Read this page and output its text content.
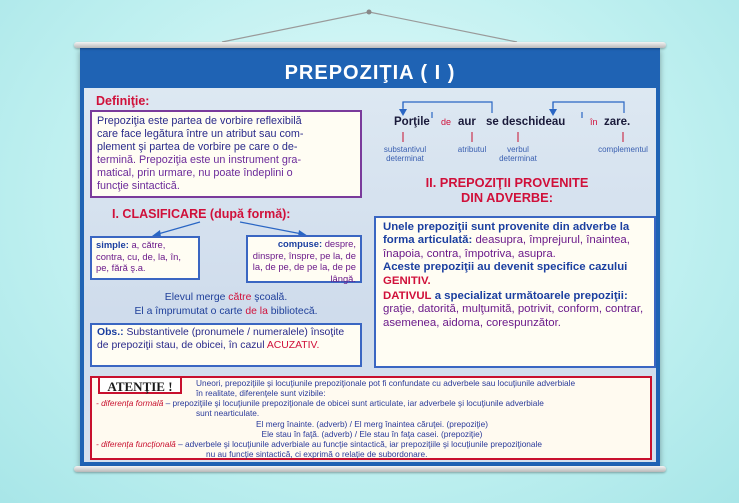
PREPOZIŢIA ( I )
Definiţie:
Prepoziţia este partea de vorbire reflexibilă
care face legătura între un atribut sau com-
plement şi partea de vorbire pe care o de-
termină. Prepoziţia este un instrument gra-
matical, prin urmare, nu poate îndeplini o
funcţie sintactică.
Porţile de aur se deschideau	în zare.
substantivul determinat
atributul	verbul determinat
complementul
II. PREPOZIŢII PROVENITE
DIN ADVERBE:
I. CLASIFICARE (după formă):
simple: a, către, contra, cu, de, la, în, pe, fără ş.a.
compuse: despre, dinspre, înspre, pe la, de la, de pe, de pe la, de pe lângă.
Elevul merge către şcoală.
El a împrumutat o carte de la bibliotecă.
Obs.: Substantivele (pronumele / numeralele) însoţite de prepoziţii stau, de obicei, în cazul ACUZATIV.
Unele prepoziţii sunt provenite din adverbe la forma articulată: deasupra, împrejurul, înaintea, înapoia, contra, împotriva, asupra.
Aceste prepoziţii au devenit specifice cazului GENITIV.
DATIVUL a specializat următoarele prepoziţii: graţie, datorită, mulţumită, potrivit, conform, contrar, asemenea, aidoma, corespunzător.
ATENŢIE !	Uneori, prepoziţiile şi locuţiunile prepoziţionale pot fi confundate cu adverbele sau locuţiunile adverbiale
în realitate, diferenţele sunt vizibile:
- diferenţa formală – prepoziţiile şi locuţiunile prepoziţionale de obicei sunt articulate, iar adverbele şi locuţiunile adverbiale
sunt nearticulate.
El merg înainte. (adverb) / El merg înaintea căruţei. (prepoziţie)
Ele stau în faţă. (adverb) / Ele stau în faţa casei. (prepoziţie)
- diferenţa funcţională – adverbele şi locuţiunile adverbiale au funcţie sintactică, iar prepoziţiile şi locuţiunile prepoziţionale
nu au funcţie sintactică, ci exprimă o relaţie de subordonare.
